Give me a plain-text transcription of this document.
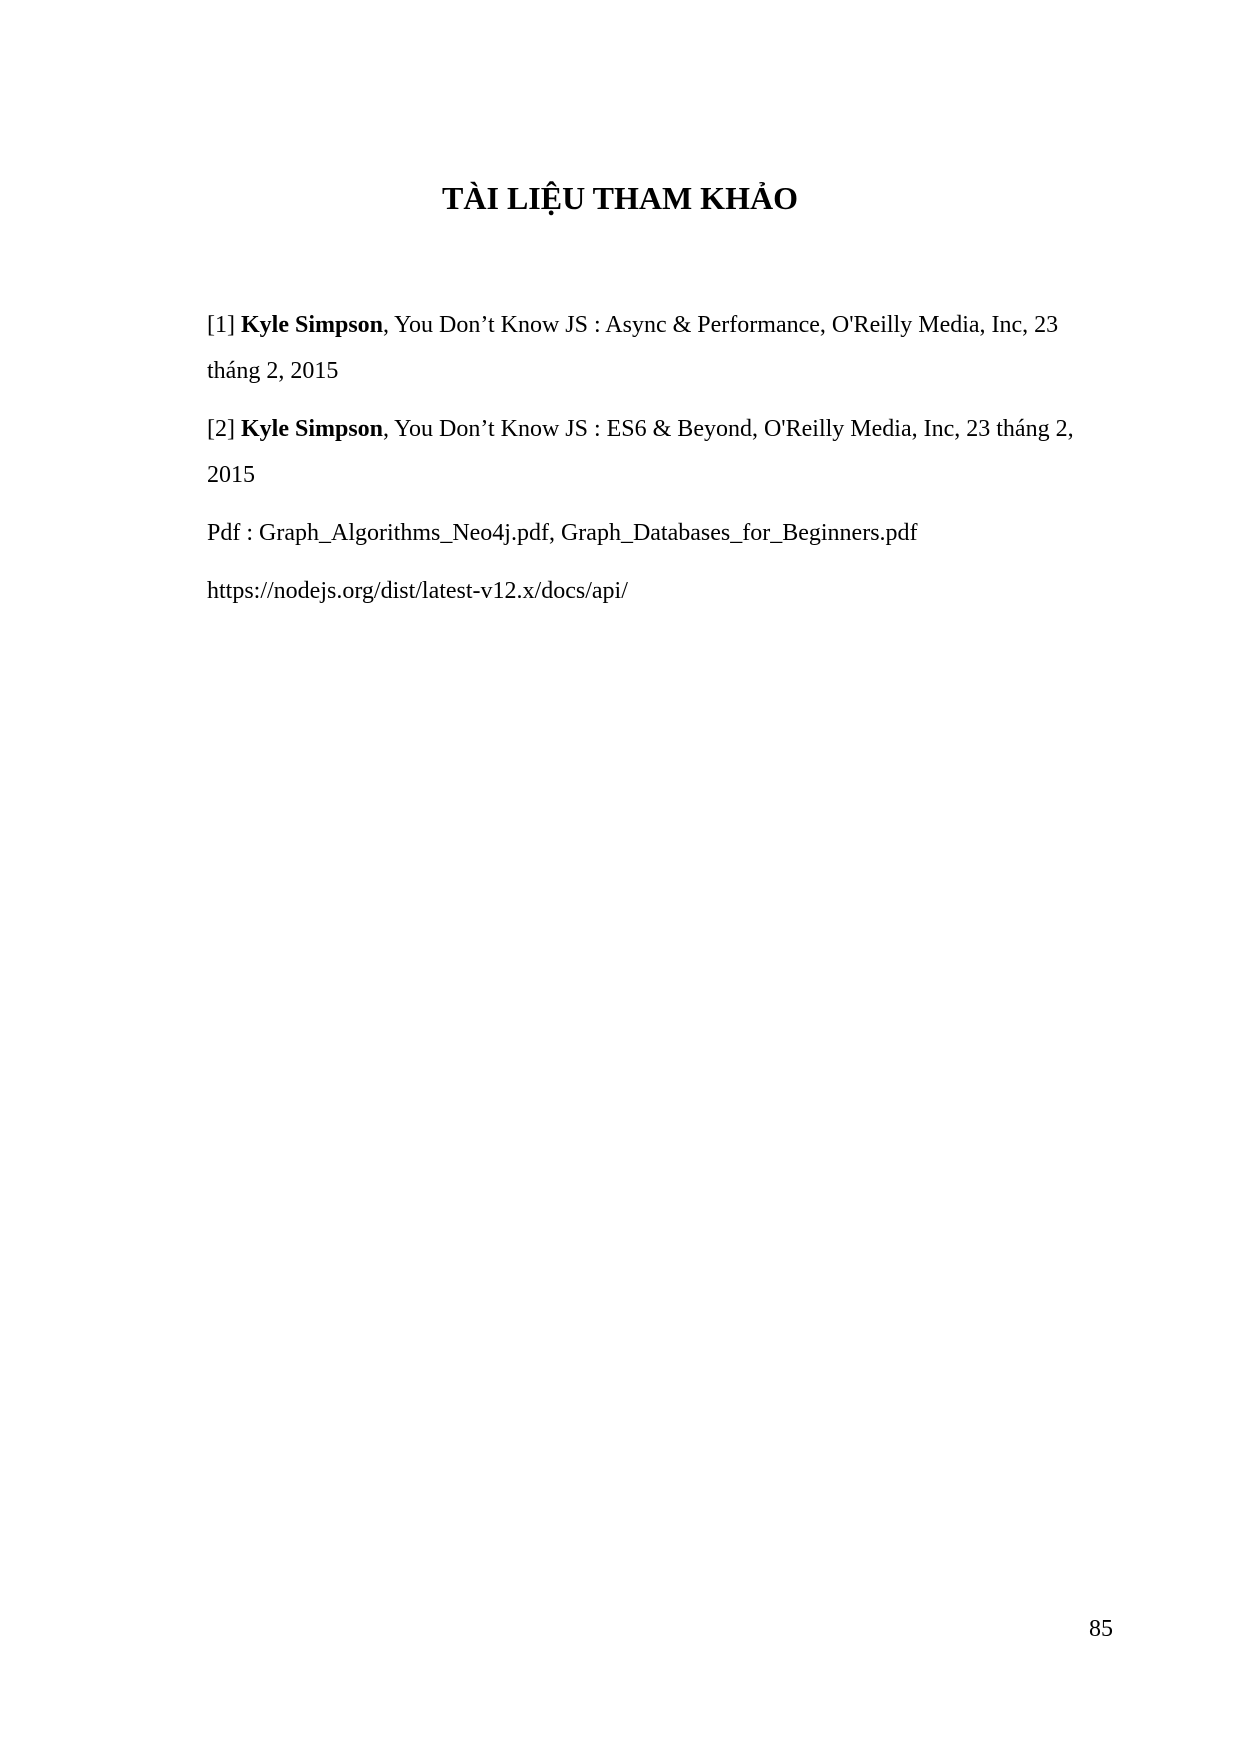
TÀI LIỆU THAM KHẢO

[1] Kyle Simpson, You Don’t Know JS : Async & Performance, O'Reilly Media, Inc, 23 tháng 2, 2015

[2] Kyle Simpson, You Don’t Know JS : ES6 & Beyond, O'Reilly Media, Inc, 23 tháng 2, 2015

Pdf : Graph_Algorithms_Neo4j.pdf, Graph_Databases_for_Beginners.pdf

https://nodejs.org/dist/latest-v12.x/docs/api/

85
